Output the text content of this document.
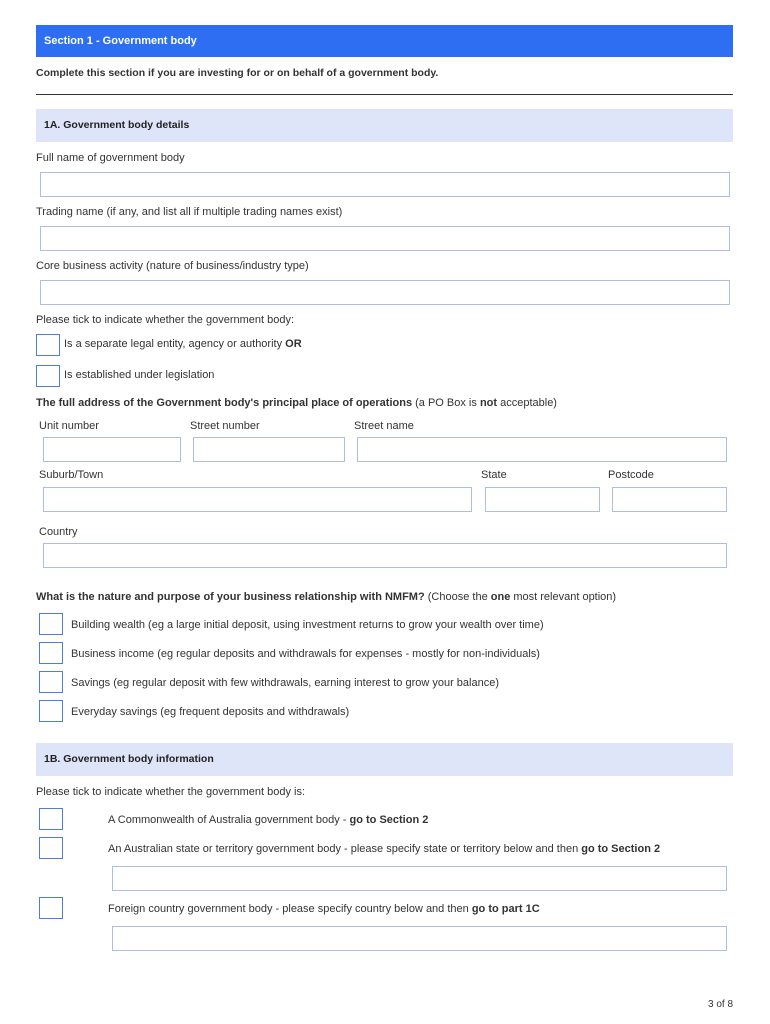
Section 1 - Government body
Complete this section if you are investing for or on behalf of a government body.
1A. Government body details
Full name of government body
Trading name (if any, and list all if multiple trading names exist)
Core business activity (nature of business/industry type)
Please tick to indicate whether the government body:
Is a separate legal entity, agency or authority OR
Is established under legislation
The full address of the Government body's principal place of operations (a PO Box is not acceptable)
Unit number	Street number	Street name
Suburb/Town	State	Postcode
Country
What is the nature and purpose of your business relationship with NMFM? (Choose the one most relevant option)
Building wealth (eg a large initial deposit, using investment returns to grow your wealth over time)
Business income (eg regular deposits and withdrawals for expenses - mostly for non-individuals)
Savings (eg regular deposit with few withdrawals, earning interest to grow your balance)
Everyday savings (eg frequent deposits and withdrawals)
1B. Government body information
Please tick to indicate whether the government body is:
A Commonwealth of Australia government body - go to Section 2
An Australian state or territory government body - please specify state or territory below and then go to Section 2
Foreign country government body - please specify country below and then go to part 1C
3 of 8
